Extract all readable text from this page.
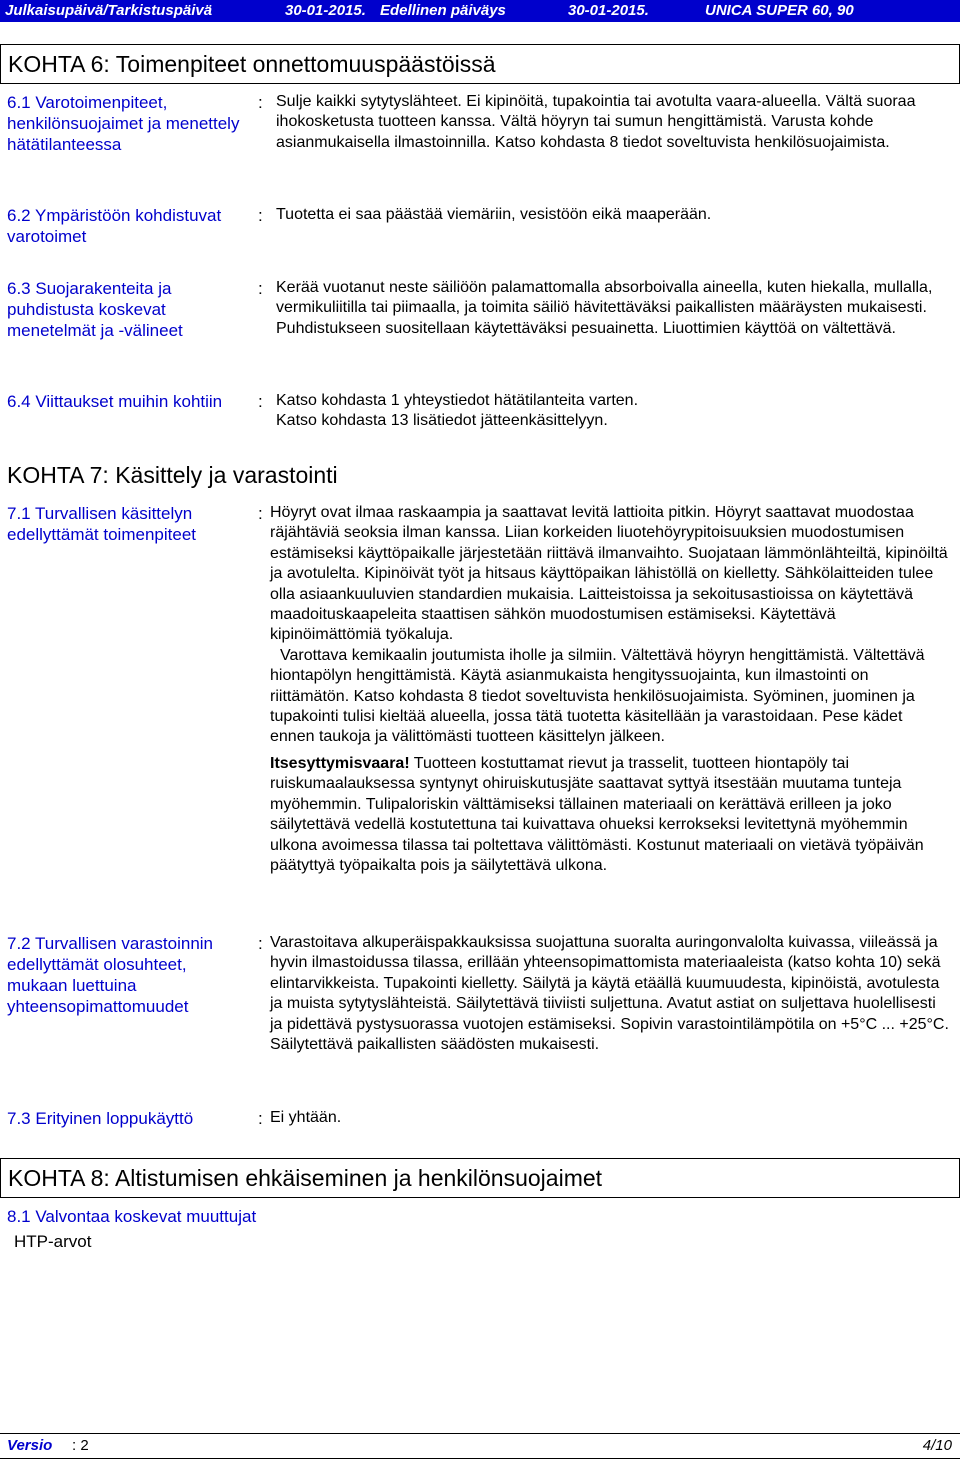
Julkaisupäivä/Tarkistuspäivä	30-01-2015. Edellinen päiväys	30-01-2015.	UNICA SUPER 60, 90
KOHTA 6: Toimenpiteet onnettomuuspäästöissä
6.1 Varotoimenpiteet, henkilönsuojaimet ja menettely hätätilanteessa
: Sulje kaikki sytytyslähteet. Ei kipinöitä, tupakointia tai avotulta vaara-alueella. Vältä suoraa ihokosketusta tuotteen kanssa. Vältä höyryn tai sumun hengittämistä. Varusta kohde asianmukaisella ilmastoinnilla. Katso kohdasta 8 tiedot soveltuvista henkilösuojaimista.
6.2 Ympäristöön kohdistuvat varotoimet
: Tuotetta ei saa päästää viemäriin, vesistöön eikä maaperään.
6.3 Suojarakenteita ja puhdistusta koskevat menetelmät ja -välineet
: Kerää vuotanut neste säiliöön palamattomalla absorboivalla aineella, kuten hiekalla, mullalla, vermikuliitilla tai piimaalla, ja toimita säiliö hävitettäväksi paikallisten määräysten mukaisesti. Puhdistukseen suositellaan käytettäväksi pesuainetta. Liuottimien käyttöä on vältettävä.
6.4 Viittaukset muihin kohtiin	: Katso kohdasta 1 yhteystiedot hätätilanteita varten.

Katso kohdasta 13 lisätiedot jätteenkäsittelyyn.

KOHTA 7: Käsittely ja varastointi
7.1 Turvallisen käsittelyn edellyttämät toimenpiteet
: Höyryt ovat ilmaa raskaampia ja saattavat levitä lattioita pitkin. Höyryt saattavat muodostaa räjähtäviä seoksia ilman kanssa. Liian korkeiden liuotehöyrypitoisuuksien muodostumisen estämiseksi käyttöpaikalle järjestetään riittävä ilmanvaihto. Suojataan lämmönlähteiltä, kipinöiltä ja avotulelta. Kipinöivät työt ja hitsaus käyttöpaikan lähistöllä on kielletty. Sähkölaitteiden tulee olla asiaankuuluvien standardien mukaisia. Laitteistoissa ja sekoitusastioissa on käytettävä maadoituskaapeleita staattisen sähkön muodostumisen estämiseksi. Käytettävä kipinöimättömiä työkaluja.

Varottava kemikaalin joutumista iholle ja silmiin. Vältettävä höyryn hengittämistä. Vältettävä hiontapölyn hengittämistä. Käytä asianmukaista hengityssuojainta, kun ilmastointi on riittämätön. Katso kohdasta 8 tiedot soveltuvista henkilösuojaimista. Syöminen, juominen ja tupakointi tulisi kieltää alueella, jossa tätä tuotetta käsitellään ja varastoidaan. Pese kädet ennen taukoja ja välittömästi tuotteen käsittelyn jälkeen.

Itsesyttymisvaara! Tuotteen kostuttamat rievut ja trasselit, tuotteen hiontapöly tai ruiskumaalauksessa syntynyt ohiruiskutusjäte saattavat syttyä itsestään muutama tunteja myöhemmin. Tulipaloriskin välttämiseksi tällainen materiaali on kerättävä erilleen ja joko säilytettävä vedellä kostutettuna tai kuivattava ohueksi kerrokseksi levitettynä myöhemmin ulkona avoimessa tilassa tai poltettava välittömästi. Kostunut materiaali on vietävä työpäivän päätyttyä työpaikalta pois ja säilytettävä ulkona.

7.2 Turvallisen varastoinnin edellyttämät olosuhteet, mukaan luettuina yhteensopimattomuudet
: Varastoitava alkuperäispakkauksissa suojattuna suoralta auringonvalolta kuivassa, viileässä ja hyvin ilmastoidussa tilassa, erillään yhteensopimattomista materiaaleista (katso kohta 10) sekä elintarvikkeista. Tupakointi kielletty. Säilytä ja käytä etäällä kuumuudesta, kipinöistä, avotulesta ja muista sytytyslähteistä. Säilytettävä tiiviisti suljettuna. Avatut astiat on suljettava huolellisesti ja pidettävä pystysuorassa vuotojen estämiseksi. Sopivin varastointilämpötila on +5°C ... +25°C. Säilytettävä paikallisten säädösten mukaisesti.
7.3 Erityinen loppukäyttö	: Ei yhtään.
KOHTA 8: Altistumisen ehkäiseminen ja henkilönsuojaimet
8.1 Valvontaa koskevat muuttujat
HTP-arvot
Versio : 2	4/10
